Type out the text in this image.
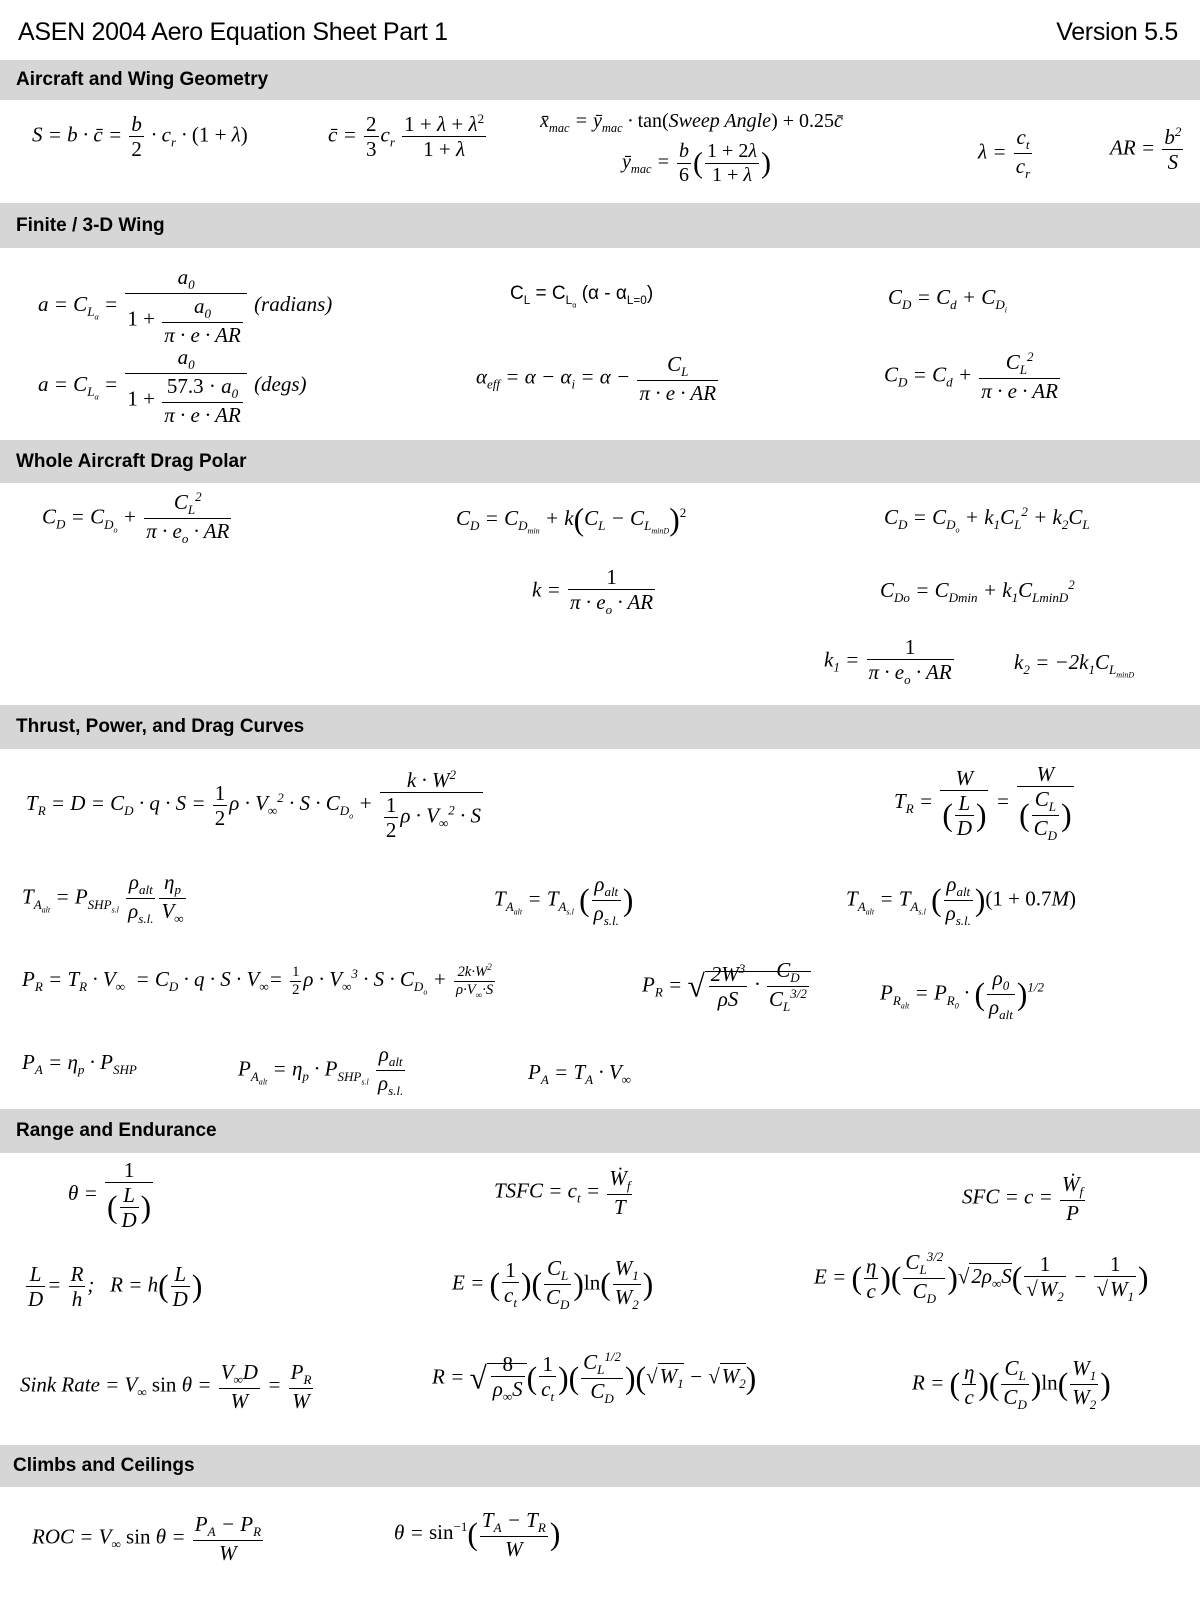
ASEN 2004 Aero Equation Sheet Part 1	Version 5.5
Aircraft and Wing Geometry
Finite / 3-D Wing
Whole Aircraft Drag Polar
Thrust, Power, and Drag Curves
Range and Endurance
Climbs and Ceilings
S = b · c̄ = $\frac{b}{2} \cdot c_r \cdot (1 + \lambda)$	c̄ = $\frac{2}{3} c_r \frac{1 + \lambda + \lambda^2}{1 + \lambda}$	$x̄_{mac}$ = $ȳ_{mac}$ · tan(Sweep Angle) + 0.25c̄
$ȳ_{mac} = \frac{b}{6}$ ( $\frac{1 + 2\lambda}{1 + \lambda}$ )	$\lambda = \frac{c_t}{c_r}$	AR = $\frac{b^2}{S}$
$a = C_{L_\alpha} = \frac{a_0}{1 + \frac{a_0}{\pi \cdot e \cdot AR}}$ (radians)	$C_L = C_{L_\alpha}$ $(\alpha - \alpha_{L=0})$	$C_D = C_d + C_{D_i}$
$a = C_{L_\alpha} = \frac{a_0}{1 + \frac{57.3 \cdot a_0}{\pi \cdot e \cdot AR}}$ (degs)	$\alpha_{eff} = \alpha - \alpha_i = \alpha - \frac{C_L}{\pi \cdot e \cdot AR}$	$C_D = C_d + \frac{C_L^2}{\pi \cdot e \cdot AR}$
$C_D = C_{D_o} + \frac{C_L^2}{\pi \cdot e_o \cdot AR}$	$C_D = C_{D_{min}} + k(C_L - C_{L_{minD}})^2$	$C_D = C_{D_o} + k_1C_L^2 + k_2C_L$
$k = \frac{1}{\pi \cdot e_o \cdot AR}$	$C_{Do} = C_{Dmin} + k_1C_{LminD}^2$
$k_1 = \frac{1}{\pi \cdot e_o \cdot AR}$	$k_2 = -2k_1C_{L_{minD}}$
$T_R = D = C_D \cdot q \cdot S = \frac{1}{2}$ $\rho \cdot V_\infty^2 \cdot S \cdot C_{D_o} + \frac{k \cdot W^2}{\frac{1}{2} \rho \cdot V_\infty^2 \cdot S}$	$T_R = \frac{W}{( \frac{L}{D} )} = \frac{W}{( \frac{C_L}{C_D} )}$
$T_{A_{alt}} = P_{SHP_{s.l}} \frac{\rho_{alt}}{\rho_{s.l.}} \frac{\eta_p}{V_\infty}$	$T_{A_{alt}} = T_{A_{s.l}}$ ( $\frac{\rho_{alt}}{\rho_{s.l.}}$ )	$T_{A_{alt}} = T_{A_{s.l}}$ ( $\frac{\rho_{alt}}{\rho_{s.l.}} )(1 + 0.7M)$
$P_R = T_R \cdot V_\infty = C_D \cdot q \cdot S \cdot V_\infty= \frac{1}{2}$ $\rho \cdot V_\infty^3 \cdot S \cdot C_{D_o} + \frac{2k\cdot W^2}{\rho\cdot V_\infty\cdot S}$	$P_R$ = √ $\frac{2W^3}{\rho S} \cdot \frac{C_D}{C_L^{3/2}}$	$P_{R_{alt}} = P_{R_0}$ · ( $\frac{\rho_0}{\rho_{alt}} )^{1/2}$
$P_A = \eta_p \cdot P_{SHP}$	$P_{A_{alt}} = \eta_p \cdot P_{SHP_{s.l}} \frac{\rho_{alt}}{\rho_{s.l.}}$	$P_A = T_A \cdot V_\infty$
$\theta = \frac{1}{( \frac{L}{D} )}$	TSFC = $c_t = \frac{Ẇ_f}{T}$	SFC = $c = \frac{Ẇ_f}{P}$
$\frac{L}{D} = \frac{R}{h}$ ;   $R = h( \frac{L}{D}$ )	E = ( $\frac{1}{c_t}$ )( $\frac{C_L}{C_D} )\ln( \frac{W_1}{W_2}$ )	E = ( $\frac{\eta}{c}$ )( $\frac{C_L^{3/2}}{C_D} )√2\rho_\infty S( \frac{1}{√W_2} - \frac{1}{√W_1}$ )
Sink Rate = $V_\infty$ $\sin \theta = \frac{V_\infty D}{W} = \frac{P_R}{W}$	R = √ $\frac{8}{\rho_\infty S}$ ( $\frac{1}{c_t}$ )( $\frac{C_L^{1/2}}{C_D} )(√W_1 - √W_2)$	R = ( $\frac{\eta}{c}$ )( $\frac{C_L}{C_D} )\ln( \frac{W_1}{W_2}$ )
ROC = $V_\infty$ $\sin \theta = \frac{P_A - P_R}{W}$	$\theta = \sin^{-1}( \frac{T_A - T_R}{W}$ )
